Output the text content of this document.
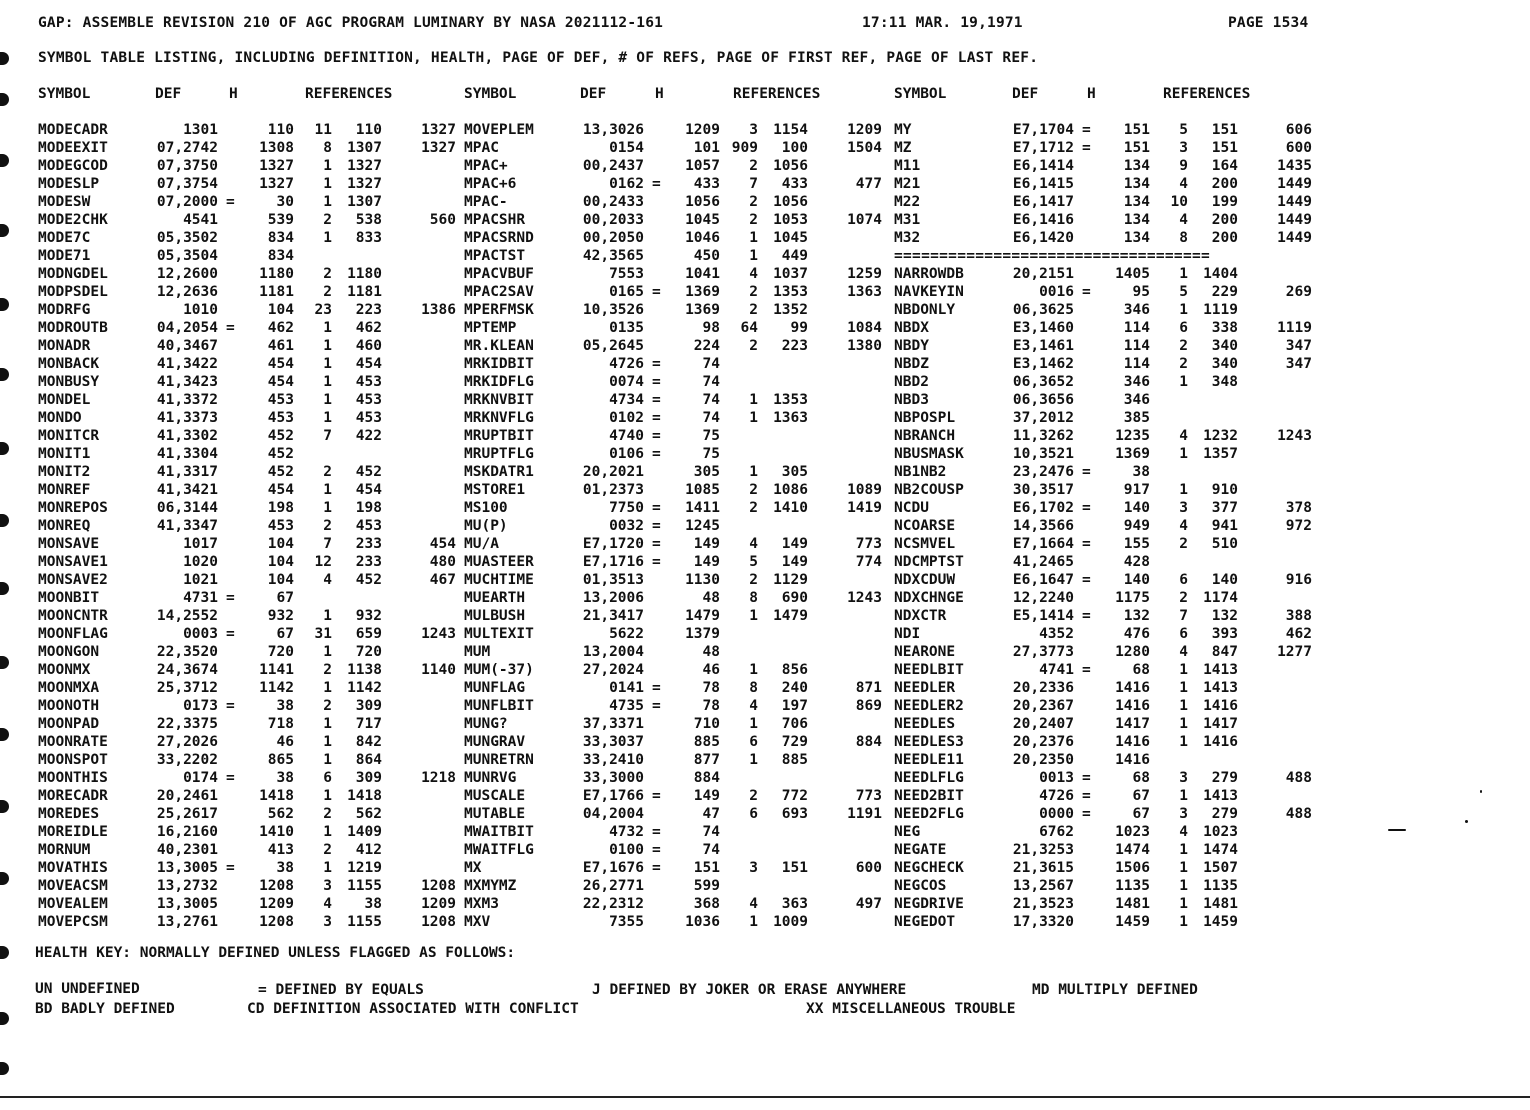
GAP: ASSEMBLE REVISION 210 OF AGC PROGRAM LUMINARY BY NASA 2021112-161	17:11 MAR. 19,1971	PAGE 1534
SYMBOL TABLE LISTING, INCLUDING DEFINITION, HEALTH, PAGE OF DEF, # OF REFS, PAGE OF FIRST REF, PAGE OF LAST REF.
SYMBOL	DEF	H	REFERENCES	SYMBOL	DEF	H	REFERENCES	SYMBOL	DEF	H	REFERENCES
MODECADR	1301	110	11	110	1327
MODEEXIT	07,2742	1308	8	1307	1327
MODEGCOD	07,3750	1327	1	1327
MODESLP	07,3754	1327	1	1327
MODESW	07,2000 =	30	1	1307
MODE2CHK	4541	539	2	538	560
MODE7C	05,3502	834	1	833
MODE71	05,3504	834
MODNGDEL	12,2600	1180	2	1180
MODPSDEL	12,2636	1181	2	1181
MODRFG	1010	104	23	223	1386
MODROUTB	04,2054 =	462	1	462
MONADR	40,3467	461	1	460
MONBACK	41,3422	454	1	454
MONBUSY	41,3423	454	1	453
MONDEL	41,3372	453	1	453
MONDO	41,3373	453	1	453
MONITCR	41,3302	452	7	422
MONIT1	41,3304	452
MONIT2	41,3317	452	2	452
MONREF	41,3421	454	1	454
MONREPOS	06,3144	198	1	198
MONREQ	41,3347	453	2	453
MONSAVE	1017	104	7	233	454
MONSAVE1	1020	104	12	233	480
MONSAVE2	1021	104	4	452	467
MOONBIT	4731 =	67
MOONCNTR	14,2552	932	1	932
MOONFLAG	0003 =	67	31	659	1243
MOONGON	22,3520	720	1	720
MOONMX	24,3674	1141	2	1138	1140
MOONMXA	25,3712	1142	1	1142
MOONOTH	0173 =	38	2	309
MOONPAD	22,3375	718	1	717
MOONRATE	27,2026	46	1	842
MOONSPOT	33,2202	865	1	864
MOONTHIS	0174 =	38	6	309	1218
MORECADR	20,2461	1418	1	1418
MOREDES	25,2617	562	2	562
MOREIDLE	16,2160	1410	1	1409
MORNUM	40,2301	413	2	412
MOVATHIS	13,3005 =	38	1	1219
MOVEACSM	13,2732	1208	3	1155	1208
MOVEALEM	13,3005	1209	4	38	1209
MOVEPCSM	13,2761	1208	3	1155	1208
MOVEPLEM	13,3026	1209	3	1154	1209
MPAC	0154	101 909	100	1504
MPAC+	00,2437	1057	2	1056
MPAC+6	0162 =	433	7	433	477
MPAC-	00,2433	1056	2	1056
MPACSHR	00,2033	1045	2	1053	1074
MPACSRND	00,2050	1046	1	1045
MPACTST	42,3565	450	1	449
MPACVBUF	7553	1041	4	1037	1259
MPAC2SAV	0165 =	1369	2	1353	1363
MPERFMSK	10,3526	1369	2	1352
MPTEMP	0135	98	64	99	1084
MR.KLEAN	05,2645	224	2	223	1380
MRKIDBIT	4726 =	74
MRKIDFLG	0074 =	74
MRKNVBIT	4734 =	74	1	1353
MRKNVFLG	0102 =	74	1	1363
MRUPTBIT	4740 =	75
MRUPTFLG	0106 =	75
MSKDATR1	20,2021	305	1	305
MSTORE1	01,2373	1085	2	1086	1089
MS100	7750 =	1411	2	1410	1419
MU(P)	0032 =	1245
MU/A	E7,1720 =	149	4	149	773
MUASTEER	E7,1716 =	149	5	149	774
MUCHTIME	01,3513	1130	2	1129
MUEARTH	13,2006	48	8	690	1243
MULBUSH	21,3417	1479	1	1479
MULTEXIT	5622	1379
MUM	13,2004	48
MUM(-37)	27,2024	46	1	856
MUNFLAG	0141 =	78	8	240	871
MUNFLBIT	4735 =	78	4	197	869
MUNG?	37,3371	710	1	706
MUNGRAV	33,3037	885	6	729	884
MUNRETRN	33,2410	877	1	885
MUNRVG	33,3000	884
MUSCALE	E7,1766 =	149	2	772	773
MUTABLE	04,2004	47	6	693	1191
MWAITBIT	4732 =	74
MWAITFLG	0100 =	74
MX	E7,1676 =	151	3	151	600
MXMYMZ	26,2771	599
MXM3	22,2312	368	4	363	497
MXV	7355	1036	1	1009
MY	E7,1704 =	151	5	151	606
MZ	E7,1712 =	151	3	151	600
M11	E6,1414	134	9	164	1435
M21	E6,1415	134	4	200	1449
M22	E6,1417	134	10	199	1449
M31	E6,1416	134	4	200	1449
M32	E6,1420	134	8	200	1449
===================================
NARROWDB	20,2151	1405	1	1404
NAVKEYIN	0016 =	95	5	229	269
NBDONLY	06,3625	346	1	1119
NBDX	E3,1460	114	6	338	1119
NBDY	E3,1461	114	2	340	347
NBDZ	E3,1462	114	2	340	347
NBD2	06,3652	346	1	348
NBD3	06,3656	346
NBPOSPL	37,2012	385
NBRANCH	11,3262	1235	4	1232	1243
NBUSMASK	10,3521	1369	1	1357
NB1NB2	23,2476 =	38
NB2COUSP	30,3517	917	1	910
NCDU	E6,1702 =	140	3	377	378
NCOARSE	14,3566	949	4	941	972
NCSMVEL	E7,1664 =	155	2	510
NDCMPTST	41,2465	428
NDXCDUW	E6,1647 =	140	6	140	916
NDXCHNGE	12,2240	1175	2	1174
NDXCTR	E5,1414 =	132	7	132	388
NDI	4352	476	6	393	462
NEARONE	27,3773	1280	4	847	1277
NEEDLBIT	4741 =	68	1	1413
NEEDLER	20,2336	1416	1	1413
NEEDLER2	20,2367	1416	1	1416
NEEDLES	20,2407	1417	1	1417
NEEDLES3	20,2376	1416	1	1416
NEEDLE11	20,2350	1416
NEEDLFLG	0013 =	68	3	279	488
NEED2BIT	4726 =	67	1	1413
NEED2FLG	0000 =	67	3	279	488
NEG	6762	1023	4	1023
NEGATE	21,3253	1474	1	1474
NEGCHECK	21,3615	1506	1	1507
NEGCOS	13,2567	1135	1	1135
NEGDRIVE	21,3523	1481	1	1481
NEGEDOT	17,3320	1459	1	1459
HEALTH KEY: NORMALLY DEFINED UNLESS FLAGGED AS FOLLOWS:
UN UNDEFINED	= DEFINED BY EQUALS	J DEFINED BY JOKER OR ERASE ANYWHERE	MD MULTIPLY DEFINED
BD BADLY DEFINED	CD DEFINITION ASSOCIATED WITH CONFLICT	XX MISCELLANEOUS TROUBLE
